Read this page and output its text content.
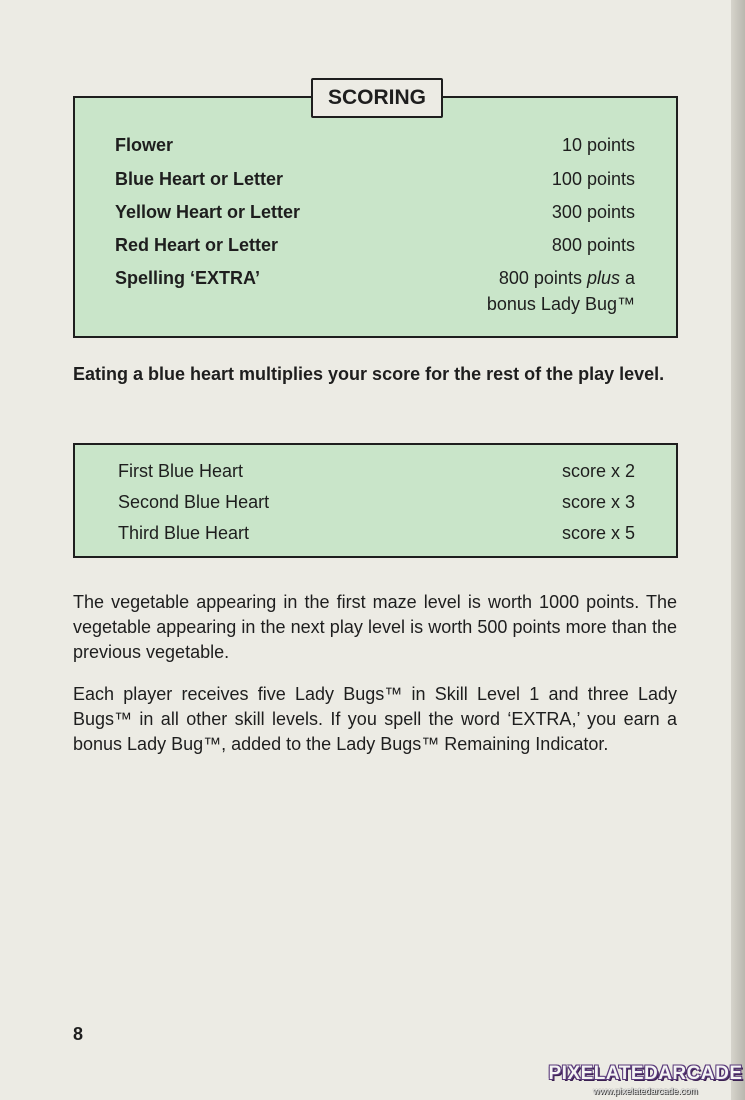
SCORING
Flower	10 points
Blue Heart or Letter	100 points
Yellow Heart or Letter	300 points
Red Heart or Letter	800 points
Spelling ‘EXTRA’	800 points plus a
bonus Lady Bug™

Eating a blue heart multiplies your score for the rest of the play level.

First Blue Heart	score x 2
Second Blue Heart	score x 3
Third Blue Heart	score x 5

The vegetable appearing in the first maze level is worth 1000 points. The vegetable appearing in the next play level is worth 500 points more than the previous vegetable.

Each player receives five Lady Bugs™ in Skill Level 1 and three Lady Bugs™ in all other skill levels. If you spell the word ‘EXTRA,’ you earn a bonus Lady Bug™, added to the Lady Bugs™ Remaining Indicator.

8
PIXELATEDARCADE
www.pixelatedarcade.com
